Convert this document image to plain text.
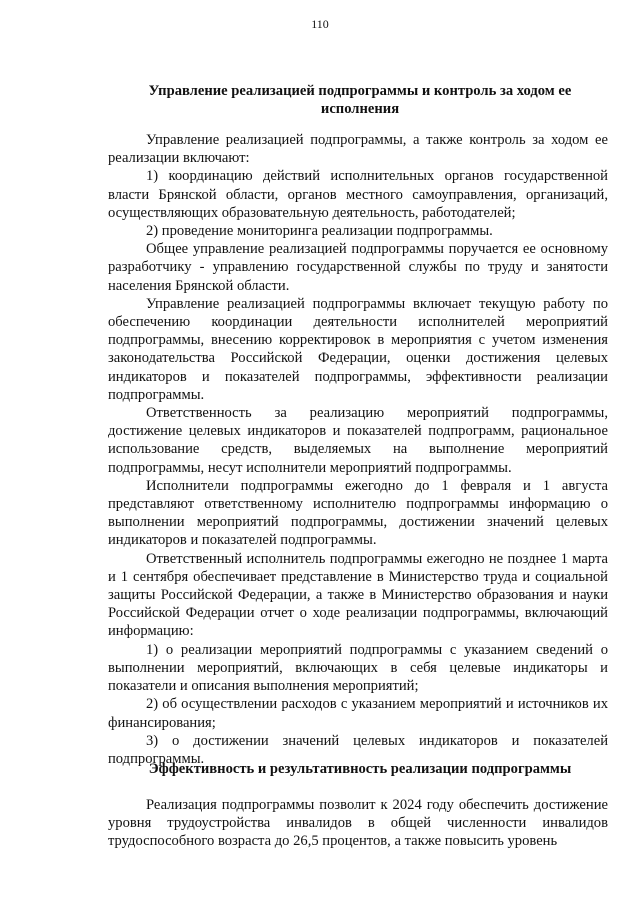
110
Управление реализацией подпрограммы и контроль за ходом ее исполнения

Управление реализацией подпрограммы, а также контроль за ходом ее реализации включают:

1) координацию действий исполнительных органов государственной власти Брянской области, органов местного самоуправления, организаций, осуществляющих образовательную деятельность, работодателей;

2) проведение мониторинга реализации подпрограммы.

Общее управление реализацией подпрограммы поручается ее основному разработчику - управлению государственной службы по труду и занятости населения Брянской области.

Управление реализацией подпрограммы включает текущую работу по обеспечению координации деятельности исполнителей мероприятий подпрограммы, внесению корректировок в мероприятия с учетом изменения законодательства Российской Федерации, оценки достижения целевых индикаторов и показателей подпрограммы, эффективности реализации подпрограммы.

Ответственность за реализацию мероприятий подпрограммы, достижение целевых индикаторов и показателей подпрограмм, рациональное использование средств, выделяемых на выполнение мероприятий подпрограммы, несут исполнители мероприятий подпрограммы.

Исполнители подпрограммы ежегодно до 1 февраля и 1 августа представляют ответственному исполнителю подпрограммы информацию о выполнении мероприятий подпрограммы, достижении значений целевых индикаторов и показателей подпрограммы.

Ответственный исполнитель подпрограммы ежегодно не позднее 1 марта и 1 сентября обеспечивает представление в Министерство труда и социальной защиты Российской Федерации, а также в Министерство образования и науки Российской Федерации отчет о ходе реализации подпрограммы, включающий информацию:

1) о реализации мероприятий подпрограммы с указанием сведений о выполнении мероприятий, включающих в себя целевые индикаторы и показатели и описания выполнения мероприятий;

2) об осуществлении расходов с указанием мероприятий и источников их финансирования;

3) о достижении значений целевых индикаторов и показателей подпрограммы.

Эффективность и результативность реализации подпрограммы

Реализация подпрограммы позволит к 2024 году обеспечить достижение уровня трудоустройства инвалидов в общей численности инвалидов трудоспособного возраста до 26,5 процентов, а также повысить уровень
